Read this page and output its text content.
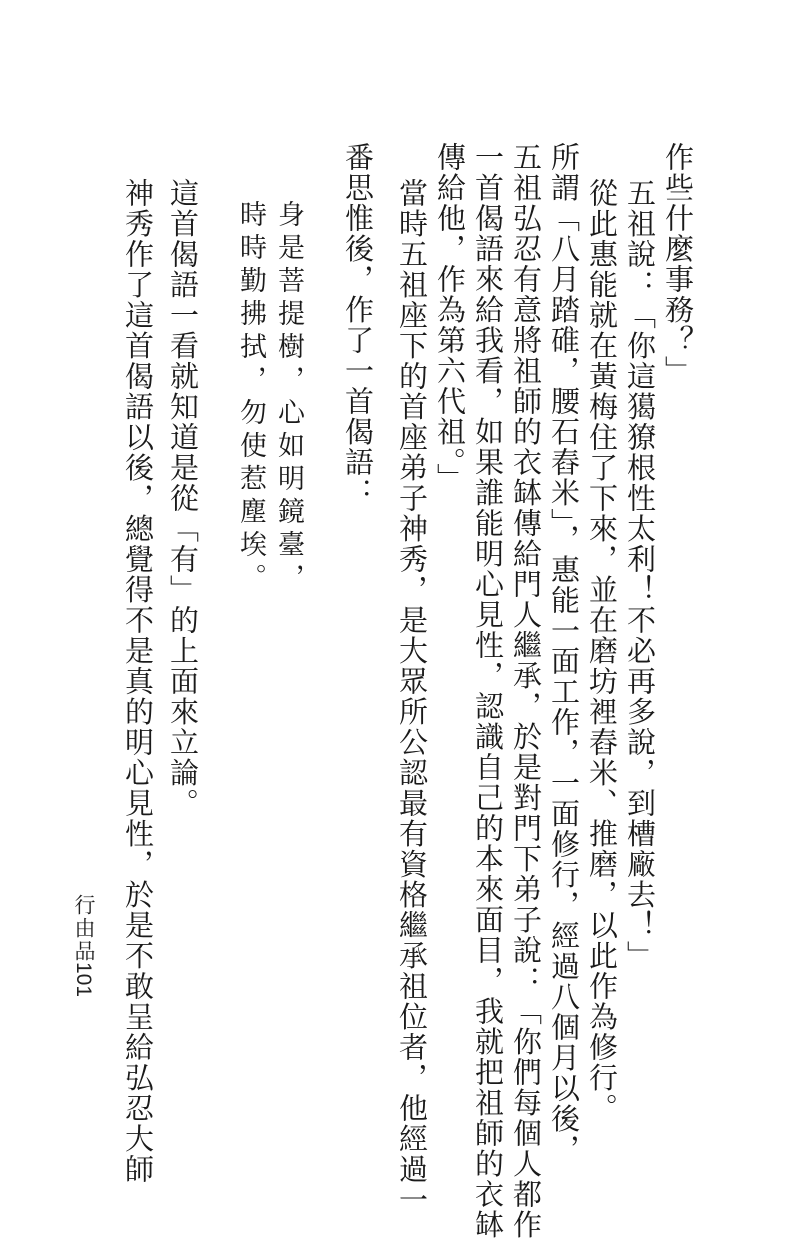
作些什麼事務？」
五祖說：「你這獦獠根性太利！不必再多說，到槽廠去！」
從此惠能就在黃梅住了下來，並在磨坊裡舂米、推磨，以此作為修行。
所謂「八月踏碓，腰石舂米」，惠能一面工作，一面修行，經過八個月以後，
五祖弘忍有意將祖師的衣缽傳給門人繼承，於是對門下弟子說：「你們每個人都作
一首偈語來給我看，如果誰能明心見性，認識自己的本來面目，我就把祖師的衣缽
傳給他，作為第六代祖。」
當時五祖座下的首座弟子神秀，是大眾所公認最有資格繼承祖位者，他經過一
番思惟後，作了一首偈語：
身是菩提樹，心如明鏡臺，
時時勤拂拭，勿使惹塵埃。
這首偈語一看就知道是從「有」的上面來立論。
神秀作了這首偈語以後，總覺得不是真的明心見性，於是不敢呈給弘忍大師
行由品
101
